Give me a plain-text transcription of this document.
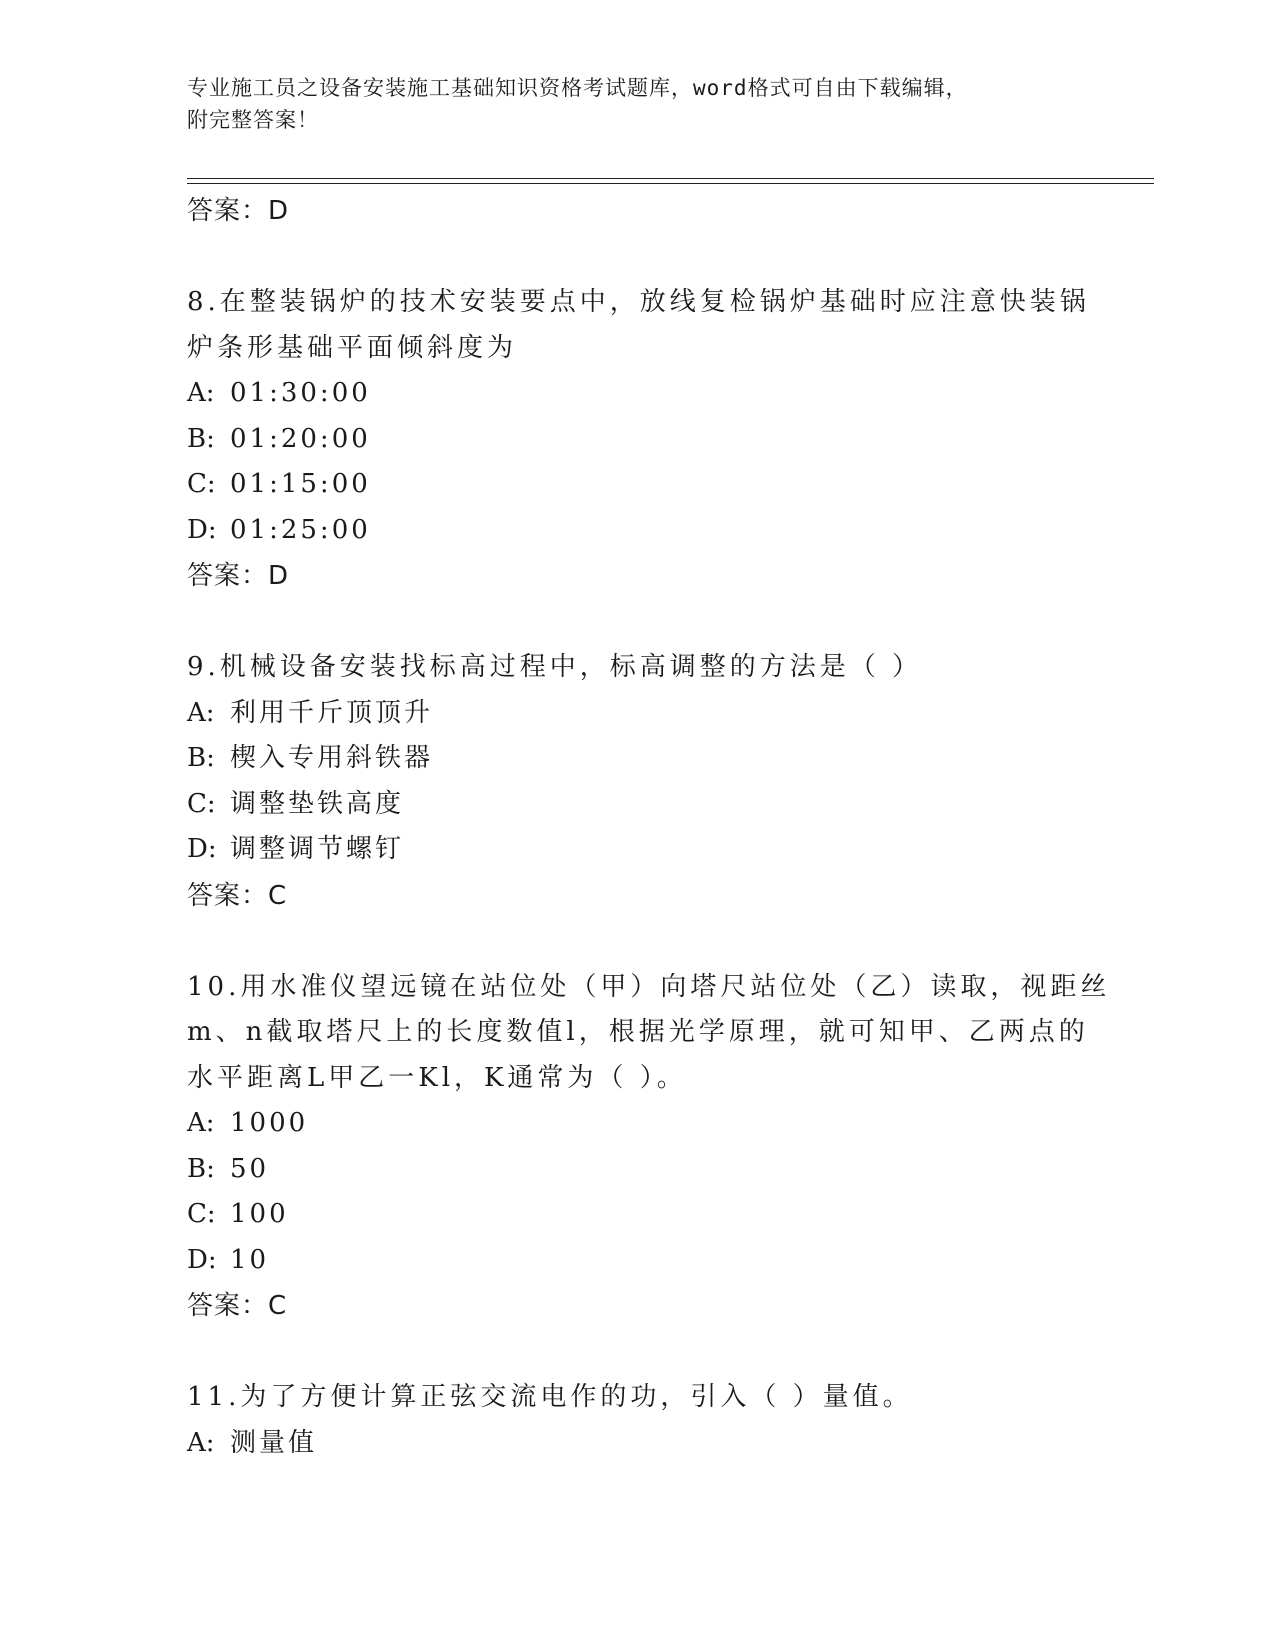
专业施工员之设备安装施工基础知识资格考试题库，word格式可自由下载编辑，
附完整答案！
答案：D
8.在整装锅炉的技术安装要点中，放线复检锅炉基础时应注意快装锅
炉条形基础平面倾斜度为
A: 01:30:00
B: 01:20:00
C: 01:15:00
D: 01:25:00
答案：D
9.机械设备安装找标高过程中，标高调整的方法是（ ）
A: 利用千斤顶顶升
B: 楔入专用斜铁器
C: 调整垫铁高度
D: 调整调节螺钉
答案：C
10.用水准仪望远镜在站位处（甲）向塔尺站位处（乙）读取，视距丝
m、n截取塔尺上的长度数值l，根据光学原理，就可知甲、乙两点的
水平距离L甲乙一Kl，K通常为（ ）。
A: 1000
B: 50
C: 100
D: 10
答案：C
11.为了方便计算正弦交流电作的功，引入（ ）量值。
A: 测量值
